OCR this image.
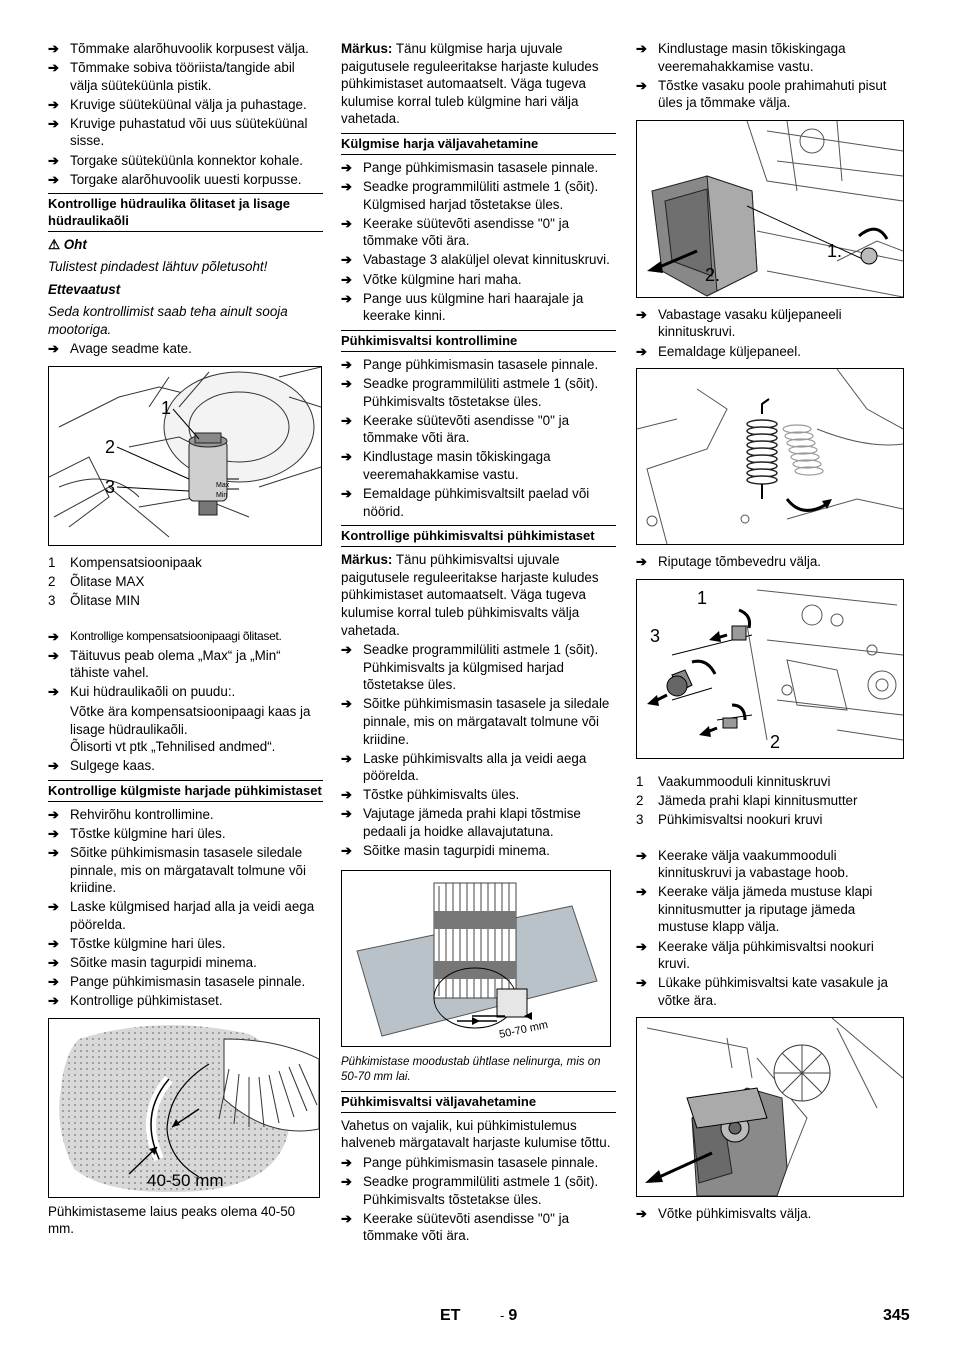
➔ Tõmmake alarõhuvoolik korpusest välja.
➔ Tõmmake sobiva tööriista/tangide abil välja süüteküünla pistik.
➔ Kruvige süüteküünal välja ja puhastage.
➔ Kruvige puhastatud või uus süüteküünal sisse.
➔ Torgake süüteküünla konnektor kohale.
➔ Torgake alarõhuvoolik uuesti korpusse.
Kontrollige hüdraulika õlitaset ja lisage hüdraulikaõli
⚠ Oht
Tulistest pindadest lähtuv põletusoht!
Ettevaatust
Seda kontrollimist saab teha ainult sooja mootoriga.
➔ Avage seadme kate.
1
2
3	Max
Min
1 Kompensatsioonipaak
2 Õlitase MAX
3 Õlitase MIN
➔ Kontrollige kompensatsioonipaagi õlitaset.
➔ Täituvus peab olema „Max“ ja „Min“ tähiste vahel.
➔ Kui hüdraulikaõli on puudu:.
Võtke ära kompensatsioonipaagi kaas ja lisage hüdraulikaõli.
Õlisorti vt ptk „Tehnilised andmed“.
➔ Sulgege kaas.
Kontrollige külgmiste harjade pühkimistaset
➔ Rehvirõhu kontrollimine.
➔ Tõstke külgmine hari üles.
➔ Sõitke pühkimismasin tasasele siledale pinnale, mis on märgatavalt tolmune või kriidine.
➔ Laske külgmised harjad alla ja veidi aega pöörelda.
➔ Tõstke külgmine hari üles.
➔ Sõitke masin tagurpidi minema.
➔ Pange pühkimismasin tasasele pinnale.
➔ Kontrollige pühkimistaset.
40-50 mm
Pühkimistaseme laius peaks olema 40-50 mm.
Märkus: Tänu külgmise harja ujuvale paigutusele reguleeritakse harjaste kuludes pühkimistaset automaatselt. Väga tugeva kulumise korral tuleb külgmine hari välja vahetada.
Külgmise harja väljavahetamine
➔ Pange pühkimismasin tasasele pinnale.
➔ Seadke programmilüliti astmele 1 (sõit). Külgmised harjad tõstetakse üles.
➔ Keerake süütevõti asendisse "0" ja tõmmake võti ära.
➔ Vabastage 3 alaküljel olevat kinnituskruvi.
➔ Võtke külgmine hari maha.
➔ Pange uus külgmine hari haarajale ja keerake kinni.
Pühkimisvaltsi kontrollimine
➔ Pange pühkimismasin tasasele pinnale.
➔ Seadke programmilüliti astmele 1 (sõit). Pühkimisvalts tõstetakse üles.
➔ Keerake süütevõti asendisse "0" ja tõmmake võti ära.
➔ Kindlustage masin tõkiskingaga veeremahakkamise vastu.
➔ Eemaldage pühkimisvaltsilt paelad või nöörid.
Kontrollige pühkimisvaltsi pühkimistaset
Märkus: Tänu pühkimisvaltsi ujuvale paigutusele reguleeritakse harjaste kuludes pühkimistaset automaatselt. Väga tugeva kulumise korral tuleb pühkimisvalts välja vahetada.
➔ Seadke programmilüliti astmele 1 (sõit). Pühkimisvalts ja külgmised harjad tõstetakse üles.
➔ Sõitke pühkimismasin tasasele ja siledale pinnale, mis on märgatavalt tolmune või kriidine.
➔ Laske pühkimisvalts alla ja veidi aega pöörelda.
➔ Tõstke pühkimisvalts üles.
➔ Vajutage jämeda prahi klapi tõstmise pedaali ja hoidke allavajutatuna.
➔ Sõitke masin tagurpidi minema.
50-70 mm
Pühkimistase moodustab ühtlase nelinurga, mis on 50-70 mm lai.
Pühkimisvaltsi väljavahetamine
Vahetus on vajalik, kui pühkimistulemus halveneb märgatavalt harjaste kulumise tõttu.
➔ Pange pühkimismasin tasasele pinnale.
➔ Seadke programmilüliti astmele 1 (sõit). Pühkimisvalts tõstetakse üles.
➔ Keerake süütevõti asendisse "0" ja tõmmake võti ära.
➔ Kindlustage masin tõkiskingaga veeremahakkamise vastu.
➔ Tõstke vasaku poole prahimahuti pisut üles ja tõmmake välja.
1.
2.
➔ Vabastage vasaku küljepaneeli kinnituskruvi.
➔ Eemaldage küljepaneel.
➔ Riputage tõmbevedru välja.
1
3
2
1 Vaakummooduli kinnituskruvi
2 Jämeda prahi klapi kinnitusmutter
3 Pühkimisvaltsi nookuri kruvi
➔ Keerake välja vaakummooduli kinnituskruvi ja vabastage hoob.
➔ Keerake välja jämeda mustuse klapi kinnitusmutter ja riputage jämeda mustuse klapp välja.
➔ Keerake välja pühkimisvaltsi nookuri kruvi.
➔ Lükake pühkimisvaltsi kate vasakule ja võtke ära.
➔ Võtke pühkimisvalts välja.
ET	- 9	345
